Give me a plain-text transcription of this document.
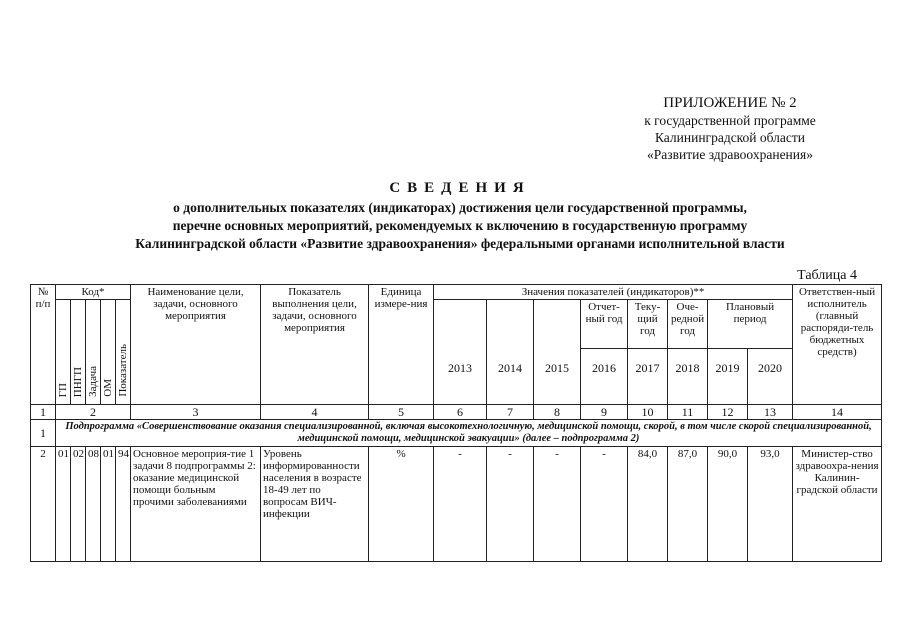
ПРИЛОЖЕНИЕ № 2
к государственной программе
Калининградской области
«Развитие здравоохранения»
СВЕДЕНИЯ
о дополнительных показателях (индикаторах) достижения цели государственной программы,
перечне основных мероприятий, рекомендуемых к включению в государственную программу
Калининградской области «Развитие здравоохранения» федеральными органами исполнительной власти
Таблица 4
№ п/п	Код*					Наименование цели, задачи, основного мероприятия	Показатель выполнения цели, задачи, основного мероприятия	Единица измере-ния	Значения показателей (индикаторов)**								Ответствен-ный исполнитель (главный распоряди-тель бюджетных средств)
	ГП	ПНГП	Задача	ОМ	Показатель				2013	2014	2015	Отчет-ный год	Теку-щий год	Оче-редной год	Плановый период		
												2016	2017	2018	2019	2020	
1	2					3	4	5	6	7	8	9	10	11	12	13	14
1	Подпрограмма «Совершенствование оказания специализированной, включая высокотехнологичную, медицинской помощи, скорой, в том числе скорой специализированной, медицинской помощи, медицинской эвакуации» (далее – подпрограмма 2)																
2	01	02	08	01	94	Основное мероприя-тие 1 задачи 8 подпрограммы 2: оказание медицинской помощи больным прочими заболеваниями	Уровень информированности населения в возрасте 18-49 лет по вопросам ВИЧ-инфекции	%	-	-	-	-	84,0	87,0	90,0	93,0	Министер-ство здравоохра-нения Калинин-градской области
